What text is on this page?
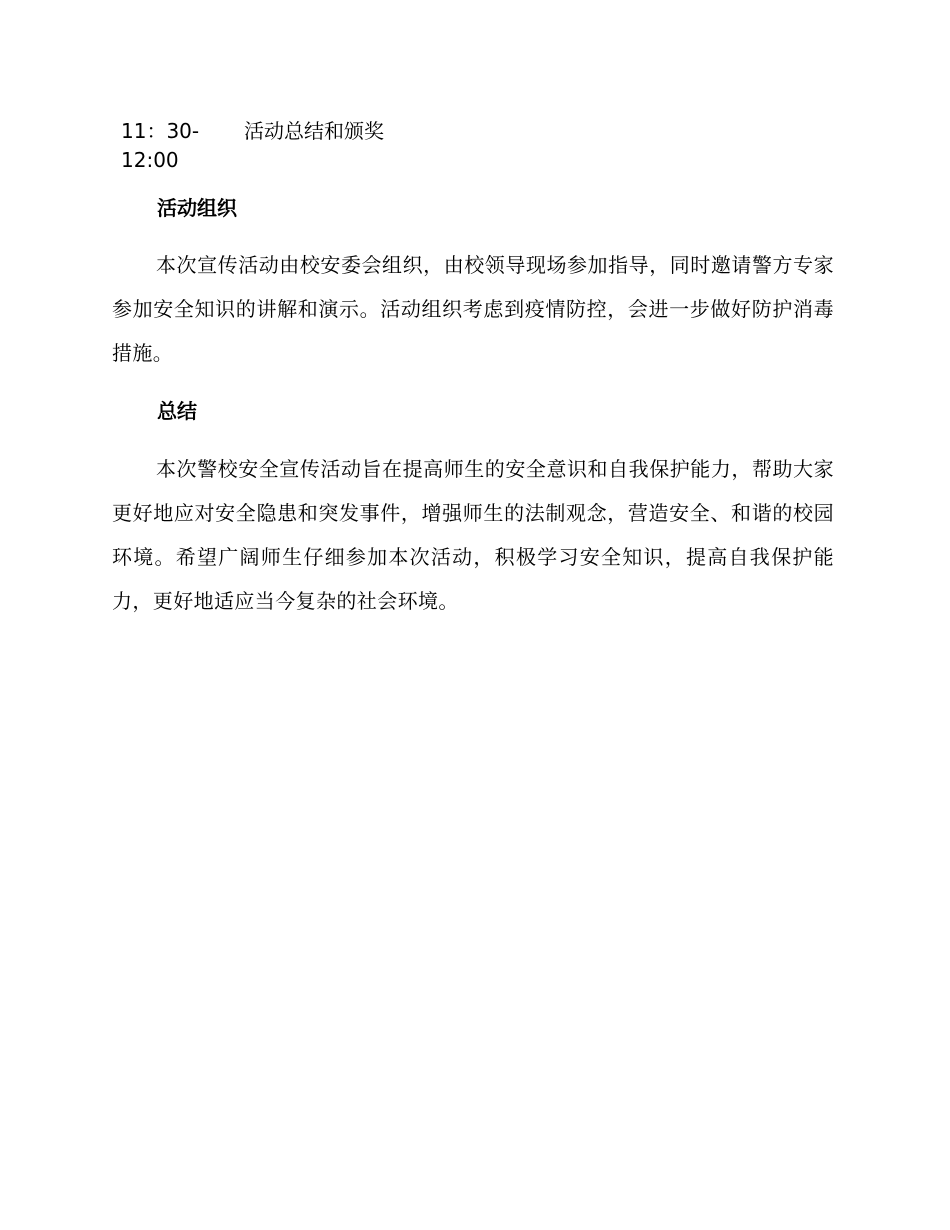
11：30-12:00
活动总结和颁奖
活动组织

本次宣传活动由校安委会组织，由校领导现场参加指导，同时邀请警方专家参加安全知识的讲解和演示。活动组织考虑到疫情防控，会进一步做好防护消毒措施。

总结

本次警校安全宣传活动旨在提高师生的安全意识和自我保护能力，帮助大家更好地应对安全隐患和突发事件，增强师生的法制观念，营造安全、和谐的校园环境。希望广阔师生仔细参加本次活动，积极学习安全知识，提高自我保护能力，更好地适应当今复杂的社会环境。
